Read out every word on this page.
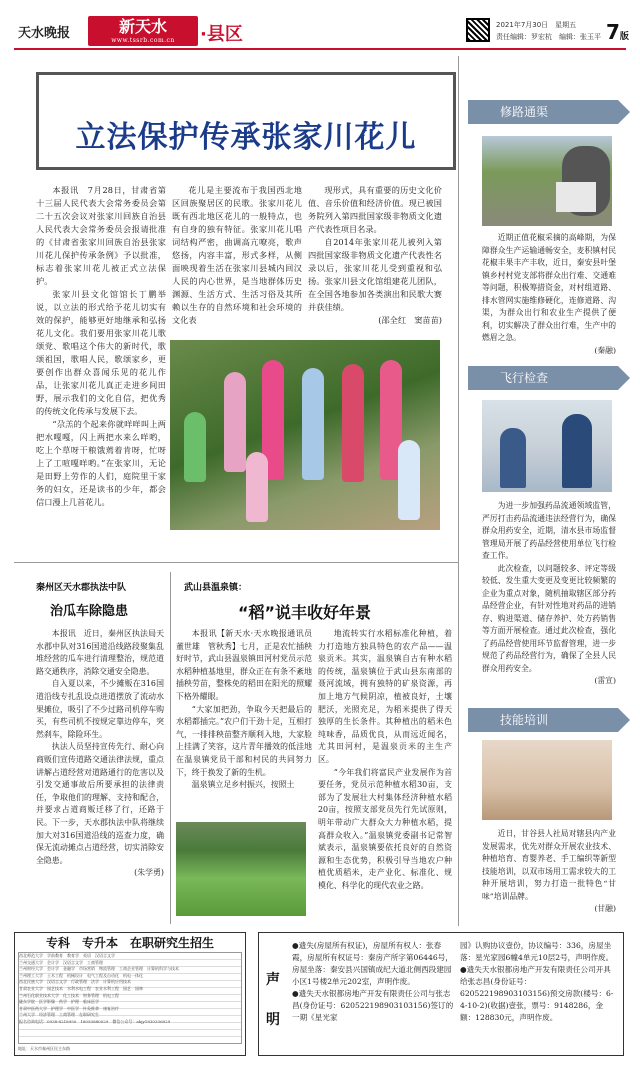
天水晚报	新天水
www.tssrb.com.cn	·县区	2021年7月30日　星期五
责任编辑：罗宏杭　编辑：张玉平 7版
立法保护传承张家川花儿

本报讯　7月28日，甘肃省第十三届人民代表大会常务委员会第二十五次会议对张家川回族自治县人民代表大会常务委员会报请批准的《甘肃省张家川回族自治县张家川花儿保护传承条例》予以批准，标志着张家川花儿被正式立法保护。

张家川县文化馆馆长丁鹏举说，以立法的形式给予花儿切实有效的保护，能够更好地继承和弘扬花儿文化。我们要用张家川花儿歌颂党、歌唱这个伟大的新时代，歌颂祖国，歌唱人民，歌颂家乡，更要创作出群众喜闻乐见的花儿作品，让张家川花儿真正走进乡间田野，展示我们的文化自信，把优秀的传统文化传承与发展下去。

“尕羔的个起来你就咩咩叫上两把水嘎嘎，闪上两把水来么咩哟，吃上个草呀干粮饿蔫着肯呀，忙呀上了工喧嘎咩哟。”在张家川，无论是田野上劳作的人们，庭院里干家务的妇女，还是读书的少年，都会信口漫上几首花儿。

花儿是主要流布于我国西北地区回族聚居区的民歌。张家川花儿既有西北地区花儿的一般特点，也有自身的独有特征。张家川花儿唱词结构严密，曲调高亢嘹亮，歌声悠扬，内容丰富，形式多样，从侧面映现着生活在张家川县城内回汉人民的内心世界，是当地群体历史渊源、生活方式、生活习俗及其所赖以生存的自然环境和社会环境的文化表

现形式，具有重要的历史文化价值、音乐价值和经济价值。现已被国务院列入第四批国家级非物质文化遗产代表性项目名录。

自2014年张家川花儿被列入第四批国家级非物质文化遗产代表性名录以后，张家川花儿受到重视和弘扬。张家川县文化馆组建花儿团队，在全国各地参加各类演出和民歌大赛并获佳绩。

(邵全红　窦苗苗)

修路通渠

近期正值花椒采摘的高峰期，为保障群众生产运输通畅安全，麦积镇村民花椒丰果丰产丰收，近日，秦安县叶堡镇乡村村党支部将群众出行难、交通难等问题，积极筹措资金，对村组道路、排水管网实施维修硬化，连修道路、沟渠，为群众出行和农业生产提供了便利，切实解决了群众出行难，生产中的燃眉之急。

(秦融)

飞行检查

为进一步加强药品流通领域监管，严厉打击药品流通违法经营行为，确保群众用药安全，近期，清水县市场监督管理局开展了药品经营使用单位飞行检查工作。

此次检查，以问题较多、评定等级较低、发生重大变更及变更比较频繁的企业为重点对象，随机抽取辖区部分药品经营企业，有针对性地对药品的进销存、购进渠道、储存养护、处方药销售等方面开展检查。通过此次检查，强化了药品经营使用环节监督管理，进一步规范了药品经营行为，确保了全县人民群众用药安全。

(雷宣)

技能培训

近日，甘谷县人社局对辖县内产业发展需求，优先对群众开展农业技术、种植培育、育婴养老、手工编织等新型技能培训，以双市场用工需求较大的工种开展培训，努力打造一批特色“甘味”培训品牌。

(甘融)

秦州区天水郡执法中队
治瓜车除隐患

本报讯　近日，秦州区执法局天水郡中队对316国道沿线路段聚集乱堆经营的瓜车进行清理整治，规范道路交通秩序，消除交通安全隐患。

自入夏以来，不少摊贩在316国道沿线专扎乱设点进道摆放了流动水果摊位，吸引了不少过路司机停车购买，有些司机不按规定靠边停车，突然刹车，除险环生。

执法人员坚持宣传先行、耐心向商贩们宣传道路交通法律法规，重点讲解占道经营对道路通行的危害以及引发交通事故后所要承担的法律责任，争取他们的理解、支持和配合，并要求占道商贩迁移了行，还路于民。下一步，天水郡执法中队将继续加大对316国道沿线的巡查力度，确保无流动摊点占道经营，切实消除安全隐患。

(朱学勇)

武山县温泉镇：
“稻”说丰收好年景

本报讯【新天水·天水晚报通讯员董世雄　管秋秀】七月，正是农忙插秧好时节，武山县温泉镇田河村党员示范水稻种植基地里，群众正在有条不紊地插秧劳苗，整株免的稻田在阳光的照耀下格外耀眼。

“大家加把劲，争取今天把最后的水稻都插完。”农户们干劲十足，互相打气，一排排秧苗整齐顺利入地，大家脸上挂满了笑容，这片青年播效的低洼地在温泉镇党员干部和村民的共同努力下，终于换发了新的生机。

温泉镇立足乡村振兴，按照土

地流转实行水稻标准化种植，着力打造地方独具特色的农产品——温泉贡米。其实，温泉镇自古有种水稻的传统，温泉镇位于武山县东南部的聂河流域，拥有独特的矿泉资源，再加上地方气候阴凉，植被良好，土壤肥沃，光照充足，为稻米提供了得天独厚的生长条件。其种植出的稻米色纯味香，品质优良，从而远近闻名，尤其田河村，是温泉贡米的主生产区。

“今年我们将富民产业发展作为首要任务，党员示范种植水稻30亩，支部为了发展壮大村集体经济种植水稻20亩，按照支部党员先行先试原则，明年带动广大群众大力种植水稻，提高群众收入。”温泉镇党委副书记常智斌表示，温泉镇要依托良好的自然资源和生态优势，积极引导当地农户种植优质稻米，走产业化、标准化、规模化、科学化的现代农业之路。

专科　专升本　在职研究生招生
西北师范大学　学前教育　教育学　英语　汉语言文学
兰州交通大学　会计学　汉语言文学　工商管理
兰州财经大学　会计学　金融学　市场营销　物流管理　工商企业管理　计算机科学与技术
兰州理工大学　土木工程　机械设计　电气工程及自动化　机电一体化
西北民族大学　汉语言文学　行政管理　法学　计算机应用技术
甘肃农业大学　园艺技术　水利水电工程　农业水利工程　园艺　园林
兰州石化职业技术大学　化工技术　财务管理　机电工程
陇东学院　医学影像　药学　护理　临床医学
甘肃中医药大学　护理学　中医学　针灸推拿　康复治疗
兰州大学　经济管理　工商管理　在职研究生
报名咨询电话：0938-8218950　18093880029　微信公众号：ahjy1830336029
地址：天水市秦州区民主东路
声明

●遗失(房屋所有权证)，房屋所有权人：张春霞，房屋所有权证号：秦房产所字第06446号，房屋坐落：秦安县兴国镇成纪大道北侧西段建园小区1号楼2单元202室，声明作废。

●遗失天水银都房地产开发有限责任公司与张志昌(身份证号：620522198903103156)签订的一期《星光家

园》认购协议壹份，协议编号：336，房屋坐落：星光家园6幢4单元10层2号，声明作废。

●遗失天水银都房地产开发有限责任公司开具给张志昌(身份证号：620522198903103156)预交房款(楼号：6-4-10-2)(收据)壹张，票号：9148286，金额：128830元，声明作废。
